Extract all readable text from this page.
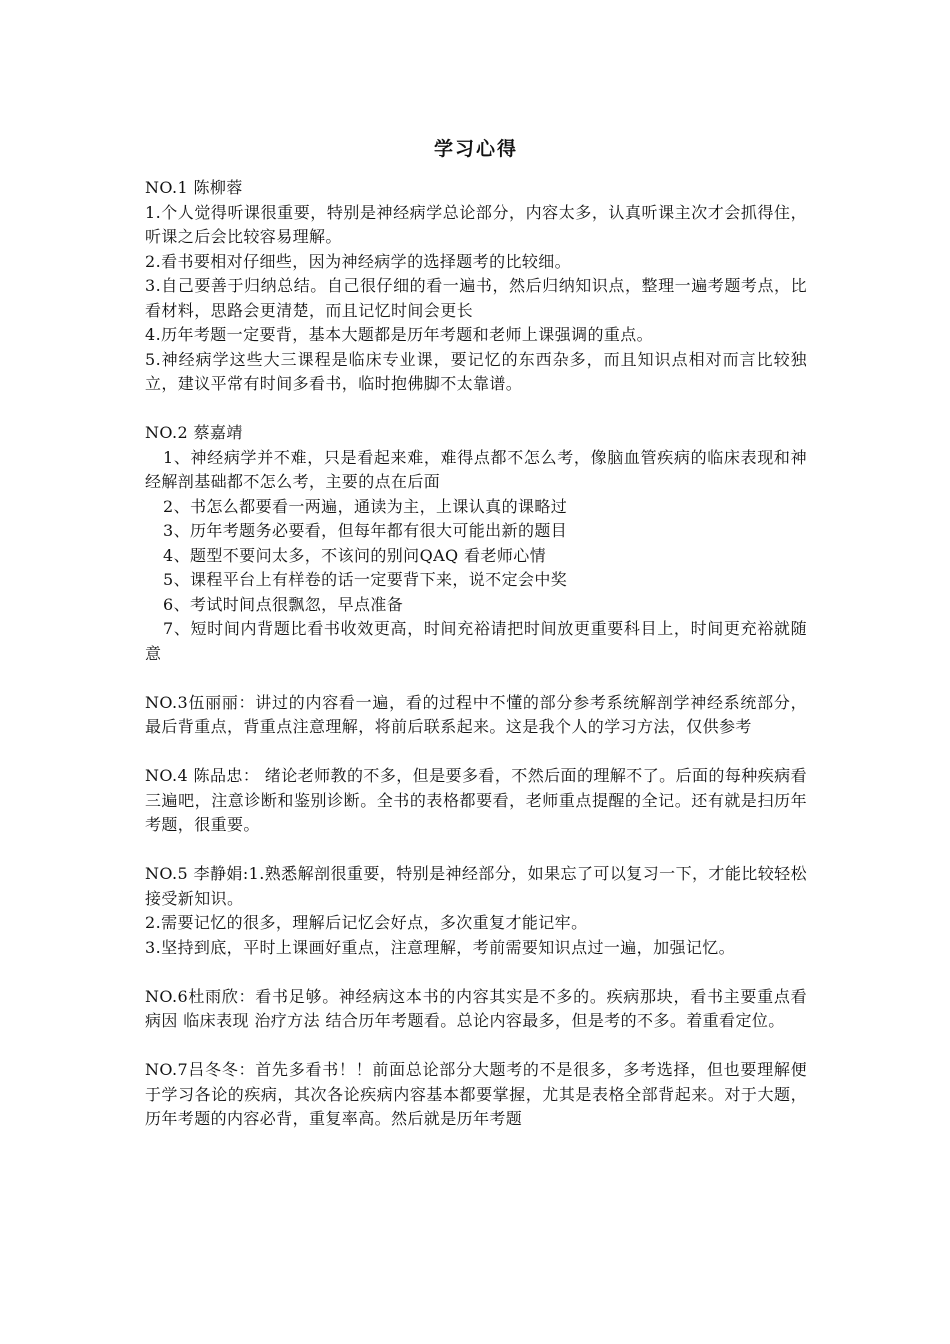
学习心得

NO.1 陈柳蓉

1.个人觉得听课很重要，特别是神经病学总论部分，内容太多，认真听课主次才会抓得住，听课之后会比较容易理解。

2.看书要相对仔细些，因为神经病学的选择题考的比较细。

3.自己要善于归纳总结。自己很仔细的看一遍书，然后归纳知识点，整理一遍考题考点，比看材料，思路会更清楚，而且记忆时间会更长

4.历年考题一定要背，基本大题都是历年考题和老师上课强调的重点。

5.神经病学这些大三课程是临床专业课，要记忆的东西杂多，而且知识点相对而言比较独立，建议平常有时间多看书，临时抱佛脚不太靠谱。

NO.2 蔡嘉靖

1、神经病学并不难，只是看起来难，难得点都不怎么考，像脑血管疾病的临床表现和神经解剖基础都不怎么考，主要的点在后面

2、书怎么都要看一两遍，通读为主，上课认真的课略过

3、历年考题务必要看，但每年都有很大可能出新的题目

4、题型不要问太多，不该问的别问QAQ 看老师心情

5、课程平台上有样卷的话一定要背下来，说不定会中奖

6、考试时间点很飘忽，早点准备

7、短时间内背题比看书收效更高，时间充裕请把时间放更重要科目上，时间更充裕就随意

NO.3伍丽丽：讲过的内容看一遍，看的过程中不懂的部分参考系统解剖学神经系统部分，最后背重点，背重点注意理解，将前后联系起来。这是我个人的学习方法，仅供参考

NO.4 陈品忠： 绪论老师教的不多，但是要多看，不然后面的理解不了。后面的每种疾病看三遍吧，注意诊断和鉴别诊断。全书的表格都要看，老师重点提醒的全记。还有就是扫历年考题，很重要。

NO.5 李静娟:1.熟悉解剖很重要，特别是神经部分，如果忘了可以复习一下，才能比较轻松接受新知识。

2.需要记忆的很多，理解后记忆会好点，多次重复才能记牢。

3.坚持到底，平时上课画好重点，注意理解，考前需要知识点过一遍，加强记忆。

NO.6杜雨欣：看书足够。神经病这本书的内容其实是不多的。疾病那块，看书主要重点看病因 临床表现 治疗方法 结合历年考题看。总论内容最多，但是考的不多。着重看定位。

NO.7吕冬冬：首先多看书！！前面总论部分大题考的不是很多，多考选择，但也要理解便于学习各论的疾病，其次各论疾病内容基本都要掌握，尤其是表格全部背起来。对于大题，历年考题的内容必背，重复率高。然后就是历年考题
